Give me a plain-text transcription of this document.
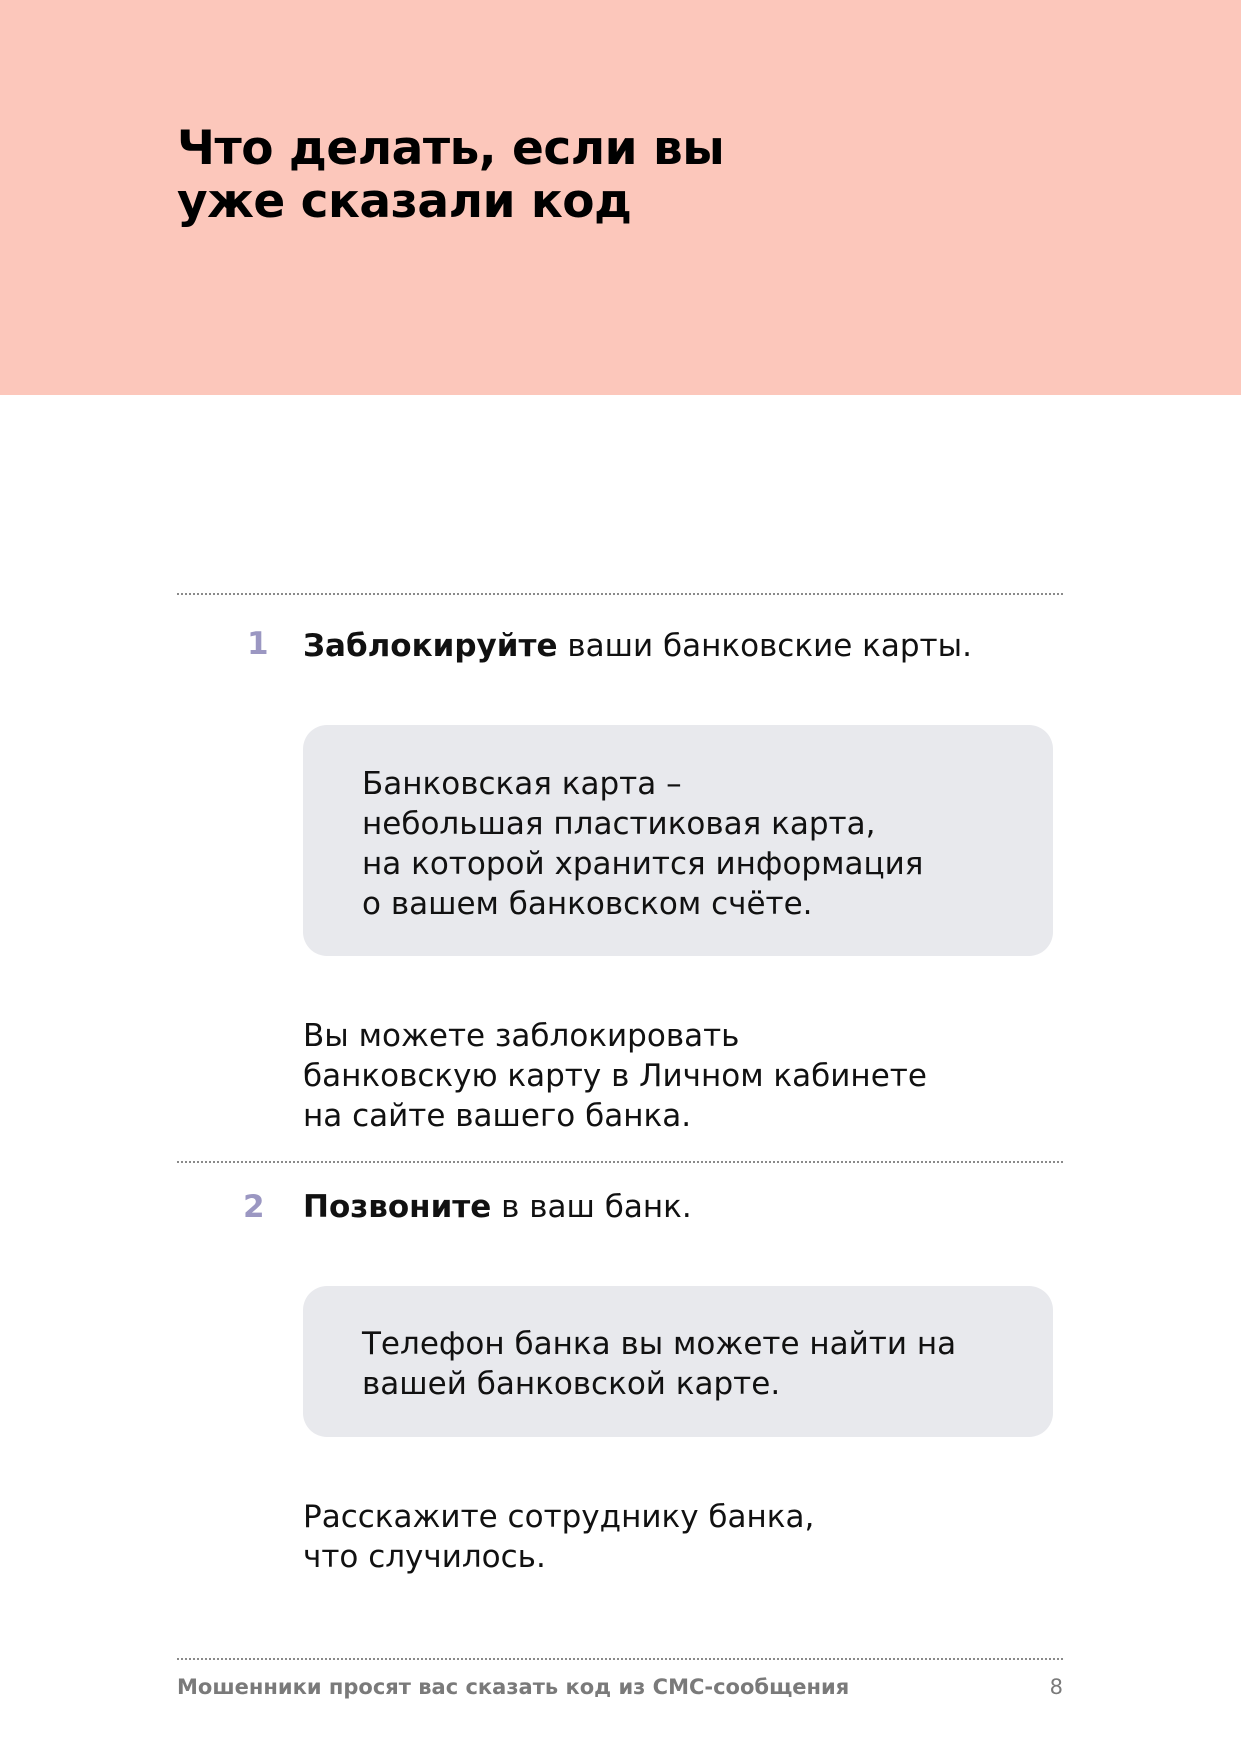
Что делать, если вы
уже сказали код
1 Заблокируйте ваши банковские карты.

Банковская карта –
небольшая пластиковая карта,
на которой хранится информация
о вашем банковском счёте.

Вы можете заблокировать
банковскую карту в Личном кабинете
на сайте вашего банка.

2 Позвоните в ваш банк.

Телефон банка вы можете найти на
вашей банковской карте.

Расскажите сотруднику банка,
что случилось.

Мошенники просят вас сказать код из СМС-сообщения	8
